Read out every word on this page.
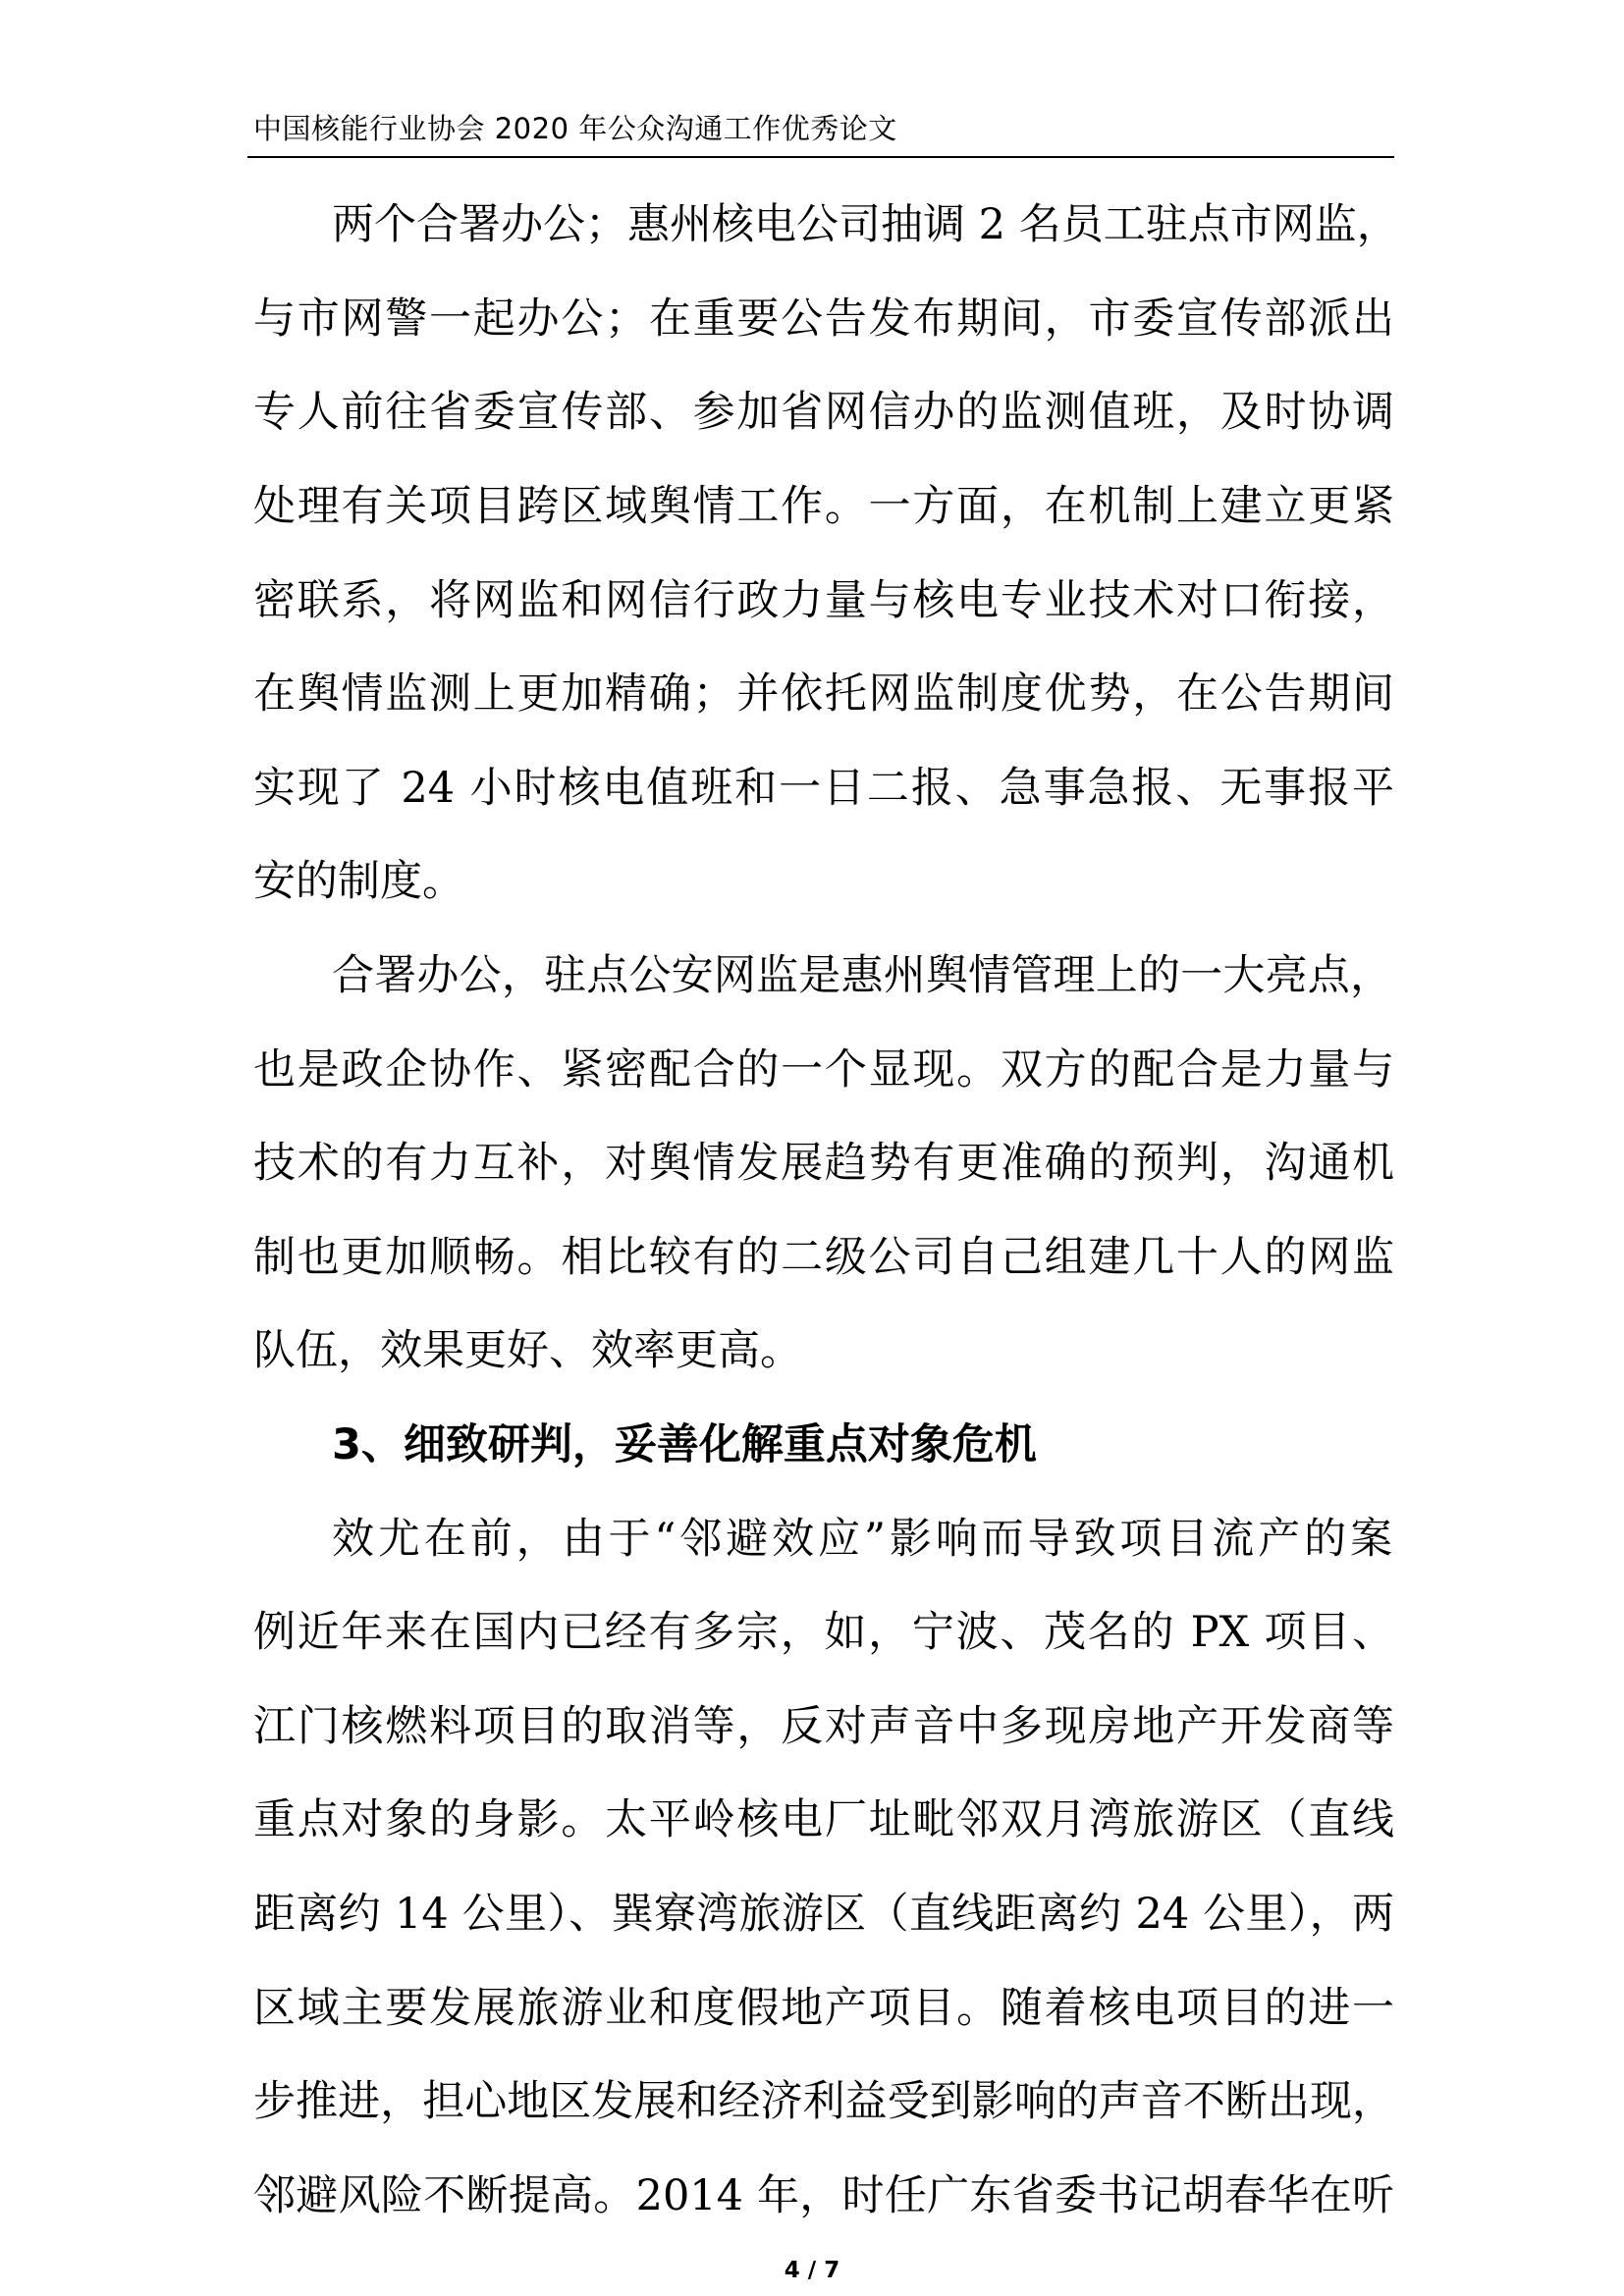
中国核能行业协会 2020 年公众沟通工作优秀论文
两个合署办公；惠州核电公司抽调 2 名员工驻点市网监，
与市网警一起办公；在重要公告发布期间，市委宣传部派出
专人前往省委宣传部、参加省网信办的监测值班，及时协调
处理有关项目跨区域舆情工作。一方面，在机制上建立更紧
密联系，将网监和网信行政力量与核电专业技术对口衔接，
在舆情监测上更加精确；并依托网监制度优势，在公告期间
实现了 24 小时核电值班和一日二报、急事急报、无事报平
安的制度。
合署办公，驻点公安网监是惠州舆情管理上的一大亮点，
也是政企协作、紧密配合的一个显现。双方的配合是力量与
技术的有力互补，对舆情发展趋势有更准确的预判，沟通机
制也更加顺畅。相比较有的二级公司自己组建几十人的网监
队伍，效果更好、效率更高。
3、细致研判，妥善化解重点对象危机
效尤在前，由于“邻避效应”影响而导致项目流产的案
例近年来在国内已经有多宗，如，宁波、茂名的 PX 项目、
江门核燃料项目的取消等，反对声音中多现房地产开发商等
重点对象的身影。太平岭核电厂址毗邻双月湾旅游区（直线
距离约 14 公里）、巽寮湾旅游区（直线距离约 24 公里），两
区域主要发展旅游业和度假地产项目。随着核电项目的进一
步推进，担心地区发展和经济利益受到影响的声音不断出现，
邻避风险不断提高。2014 年，时任广东省委书记胡春华在听
4 / 7
